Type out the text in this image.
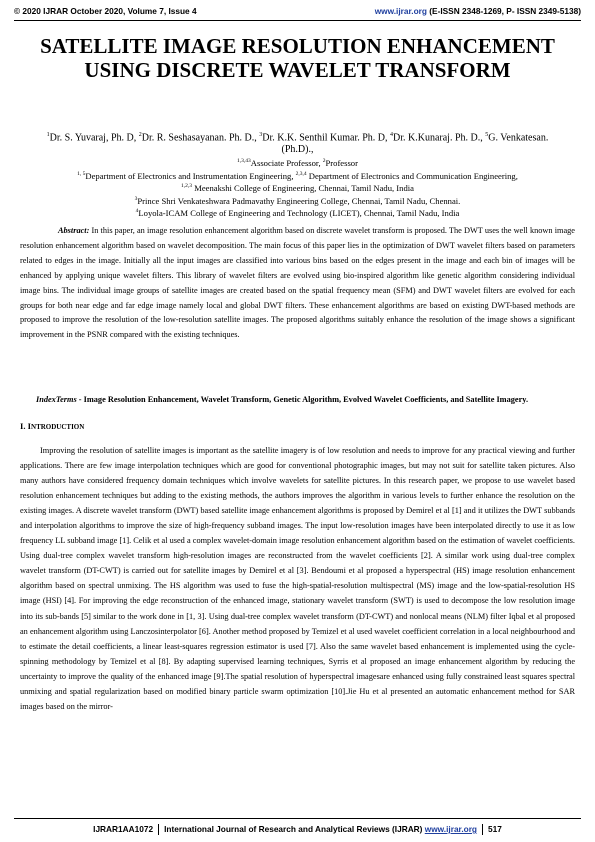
© 2020 IJRAR October 2020, Volume 7, Issue 4	www.ijrar.org (E-ISSN 2348-1269, P- ISSN 2349-5138)
SATELLITE IMAGE RESOLUTION ENHANCEMENT USING DISCRETE WAVELET TRANSFORM
$^1$Dr. S. Yuvaraj, Ph. D, $^2$Dr. R. Seshasayanan. Ph. D., $^3$Dr. K.K. Senthil Kumar. Ph. D, $^4$Dr. K.Kunaraj. Ph. D., $^5$G. Venkatesan. (Ph.D).,
$^{1,3,43}$Associate Professor, $^2$Professor
$^{1, 5}$Department of Electronics and Instrumentation Engineering, $^{2,3,4}$ Department of Electronics and Communication Engineering,
$^{1,2,3}$ Meenakshi College of Engineering, Chennai, Tamil Nadu, India
$^3$Prince Shri Venkateshwara Padmavathy Engineering College, Chennai, Tamil Nadu, Chennai.
$^4$Loyola-ICAM College of Engineering and Technology (LICET), Chennai, Tamil Nadu, India

Abstract: In this paper, an image resolution enhancement algorithm based on discrete wavelet transform is proposed. The DWT uses the well known image resolution enhancement algorithm based on wavelet decomposition. The main focus of this paper lies in the optimization of DWT wavelet filters based on parameters related to edges in the image. Initially all the input images are classified into various bins based on the edges present in the image and each bin of images will be enhanced by applying unique wavelet filters. This library of wavelet filters are evolved using bio-inspired algorithm like genetic algorithm considering individual image bins. The individual image groups of satellite images are created based on the spatial frequency mean (SFM) and DWT wavelet filters are evolved for each groups for both near edge and far edge image namely local and global DWT filters. These enhancement algorithms are based on existing DWT-based methods are proposed to improve the resolution of the low-resolution satellite images. The proposed algorithms suitably enhance the resolution of the image shows a significant improvement in the PSNR compared with the existing techniques.

IndexTerms - Image Resolution Enhancement, Wavelet Transform, Genetic Algorithm, Evolved Wavelet Coefficients, and Satellite Imagery.

I. INTRODUCTION

Improving the resolution of satellite images is important as the satellite imagery is of low resolution and needs to improve for any practical viewing and further applications. There are few image interpolation techniques which are good for conventional photographic images, but may not suit for satellite taken pictures. Also many authors have considered frequency domain techniques which involve wavelets for satellite pictures. In this research paper, we propose to use wavelet based resolution enhancement techniques but adding to the existing methods, the authors improves the algorithm in various levels to further enhance the resolution on the existing images. A discrete wavelet transform (DWT) based satellite image enhancement algorithms is proposed by Demirel et al [1] and it utilizes the DWT subbands and interpolation algorithms to improve the size of high-frequency subband images. The input low-resolution images have been interpolated directly to use it as low frequency LL subband image [1]. Celik et al used a complex wavelet-domain image resolution enhancement algorithm based on the estimation of wavelet coefficients. Using dual-tree complex wavelet transform high-resolution images are reconstructed from the wavelet coefficients [2]. A similar work using dual-tree complex wavelet transform (DT-CWT) is carried out for satellite images by Demirel et al [3]. Bendoumi et al proposed a hyperspectral (HS) image resolution enhancement algorithm based on spectral unmixing. The HS algorithm was used to fuse the high-spatial-resolution multispectral (MS) image and the low-spatial-resolution HS image (HSI) [4]. For improving the edge reconstruction of the enhanced image, stationary wavelet transform (SWT) is used to decompose the low resolution image into its sub-bands [5] similar to the work done in [1, 3]. Using dual-tree complex wavelet transform (DT-CWT) and nonlocal means (NLM) filter Iqbal et al proposed an enhancement algorithm using Lanczosinterpolator [6]. Another method proposed by Temizel et al used wavelet coefficient correlation in a local neighbourhood and to estimate the detail coefficients, a linear least-squares regression estimator is used [7]. Also the same wavelet based enhancement is implemented using the cycle-spinning methodology by Temizel et al [8]. By adapting supervised learning techniques, Syrris et al proposed an image enhancement algorithm by reducing the uncertainty to improve the quality of the enhanced image [9].The spatial resolution of hyperspectral imagesare enhanced using fully constrained least squares spectral unmixing and spatial regularization based on modified binary particle swarm optimization [10].Jie Hu et al presented an automatic enhancement method for SAR images based on the mirror-

IJRAR1AA1072 International Journal of Research and Analytical Reviews (IJRAR) www.ijrar.org 517
